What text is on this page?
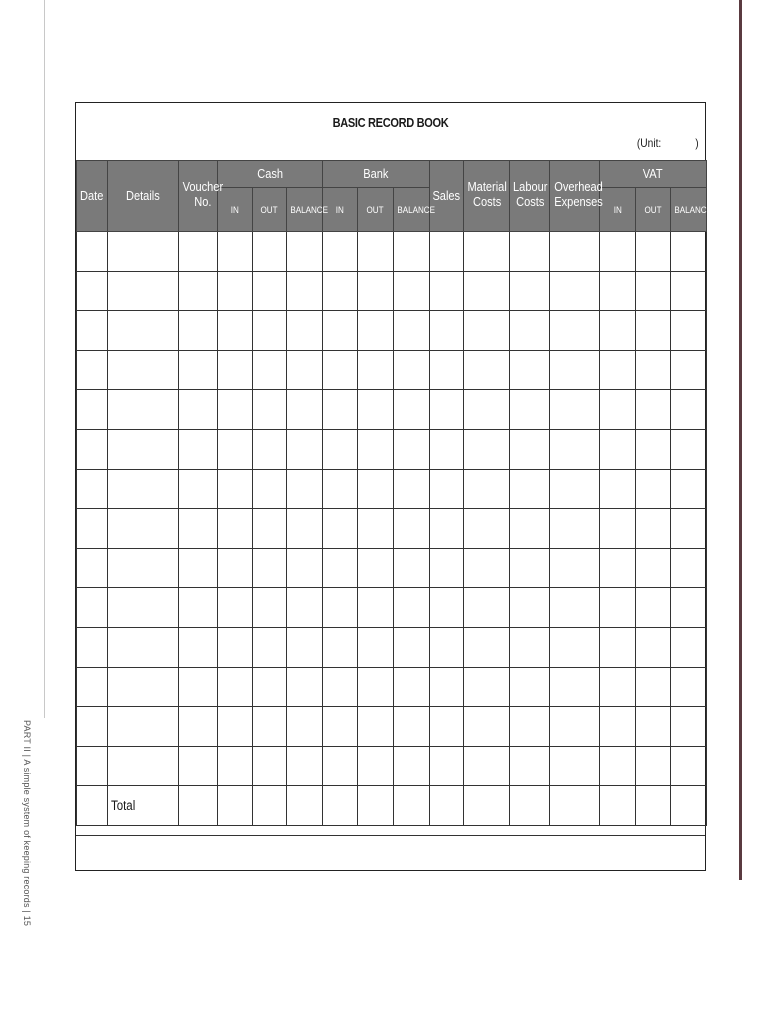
PART II | A simple system of keeping records | 15
BASIC RECORD BOOK
(Unit:	)
Date	Details	Voucher No.	Cash			Bank			Sales	Material Costs	Labour Costs	Overhead Expenses	VAT		
			IN	OUT	BALANCE	IN	OUT	BALANCE					IN	OUT	BALANCE

	Total														
